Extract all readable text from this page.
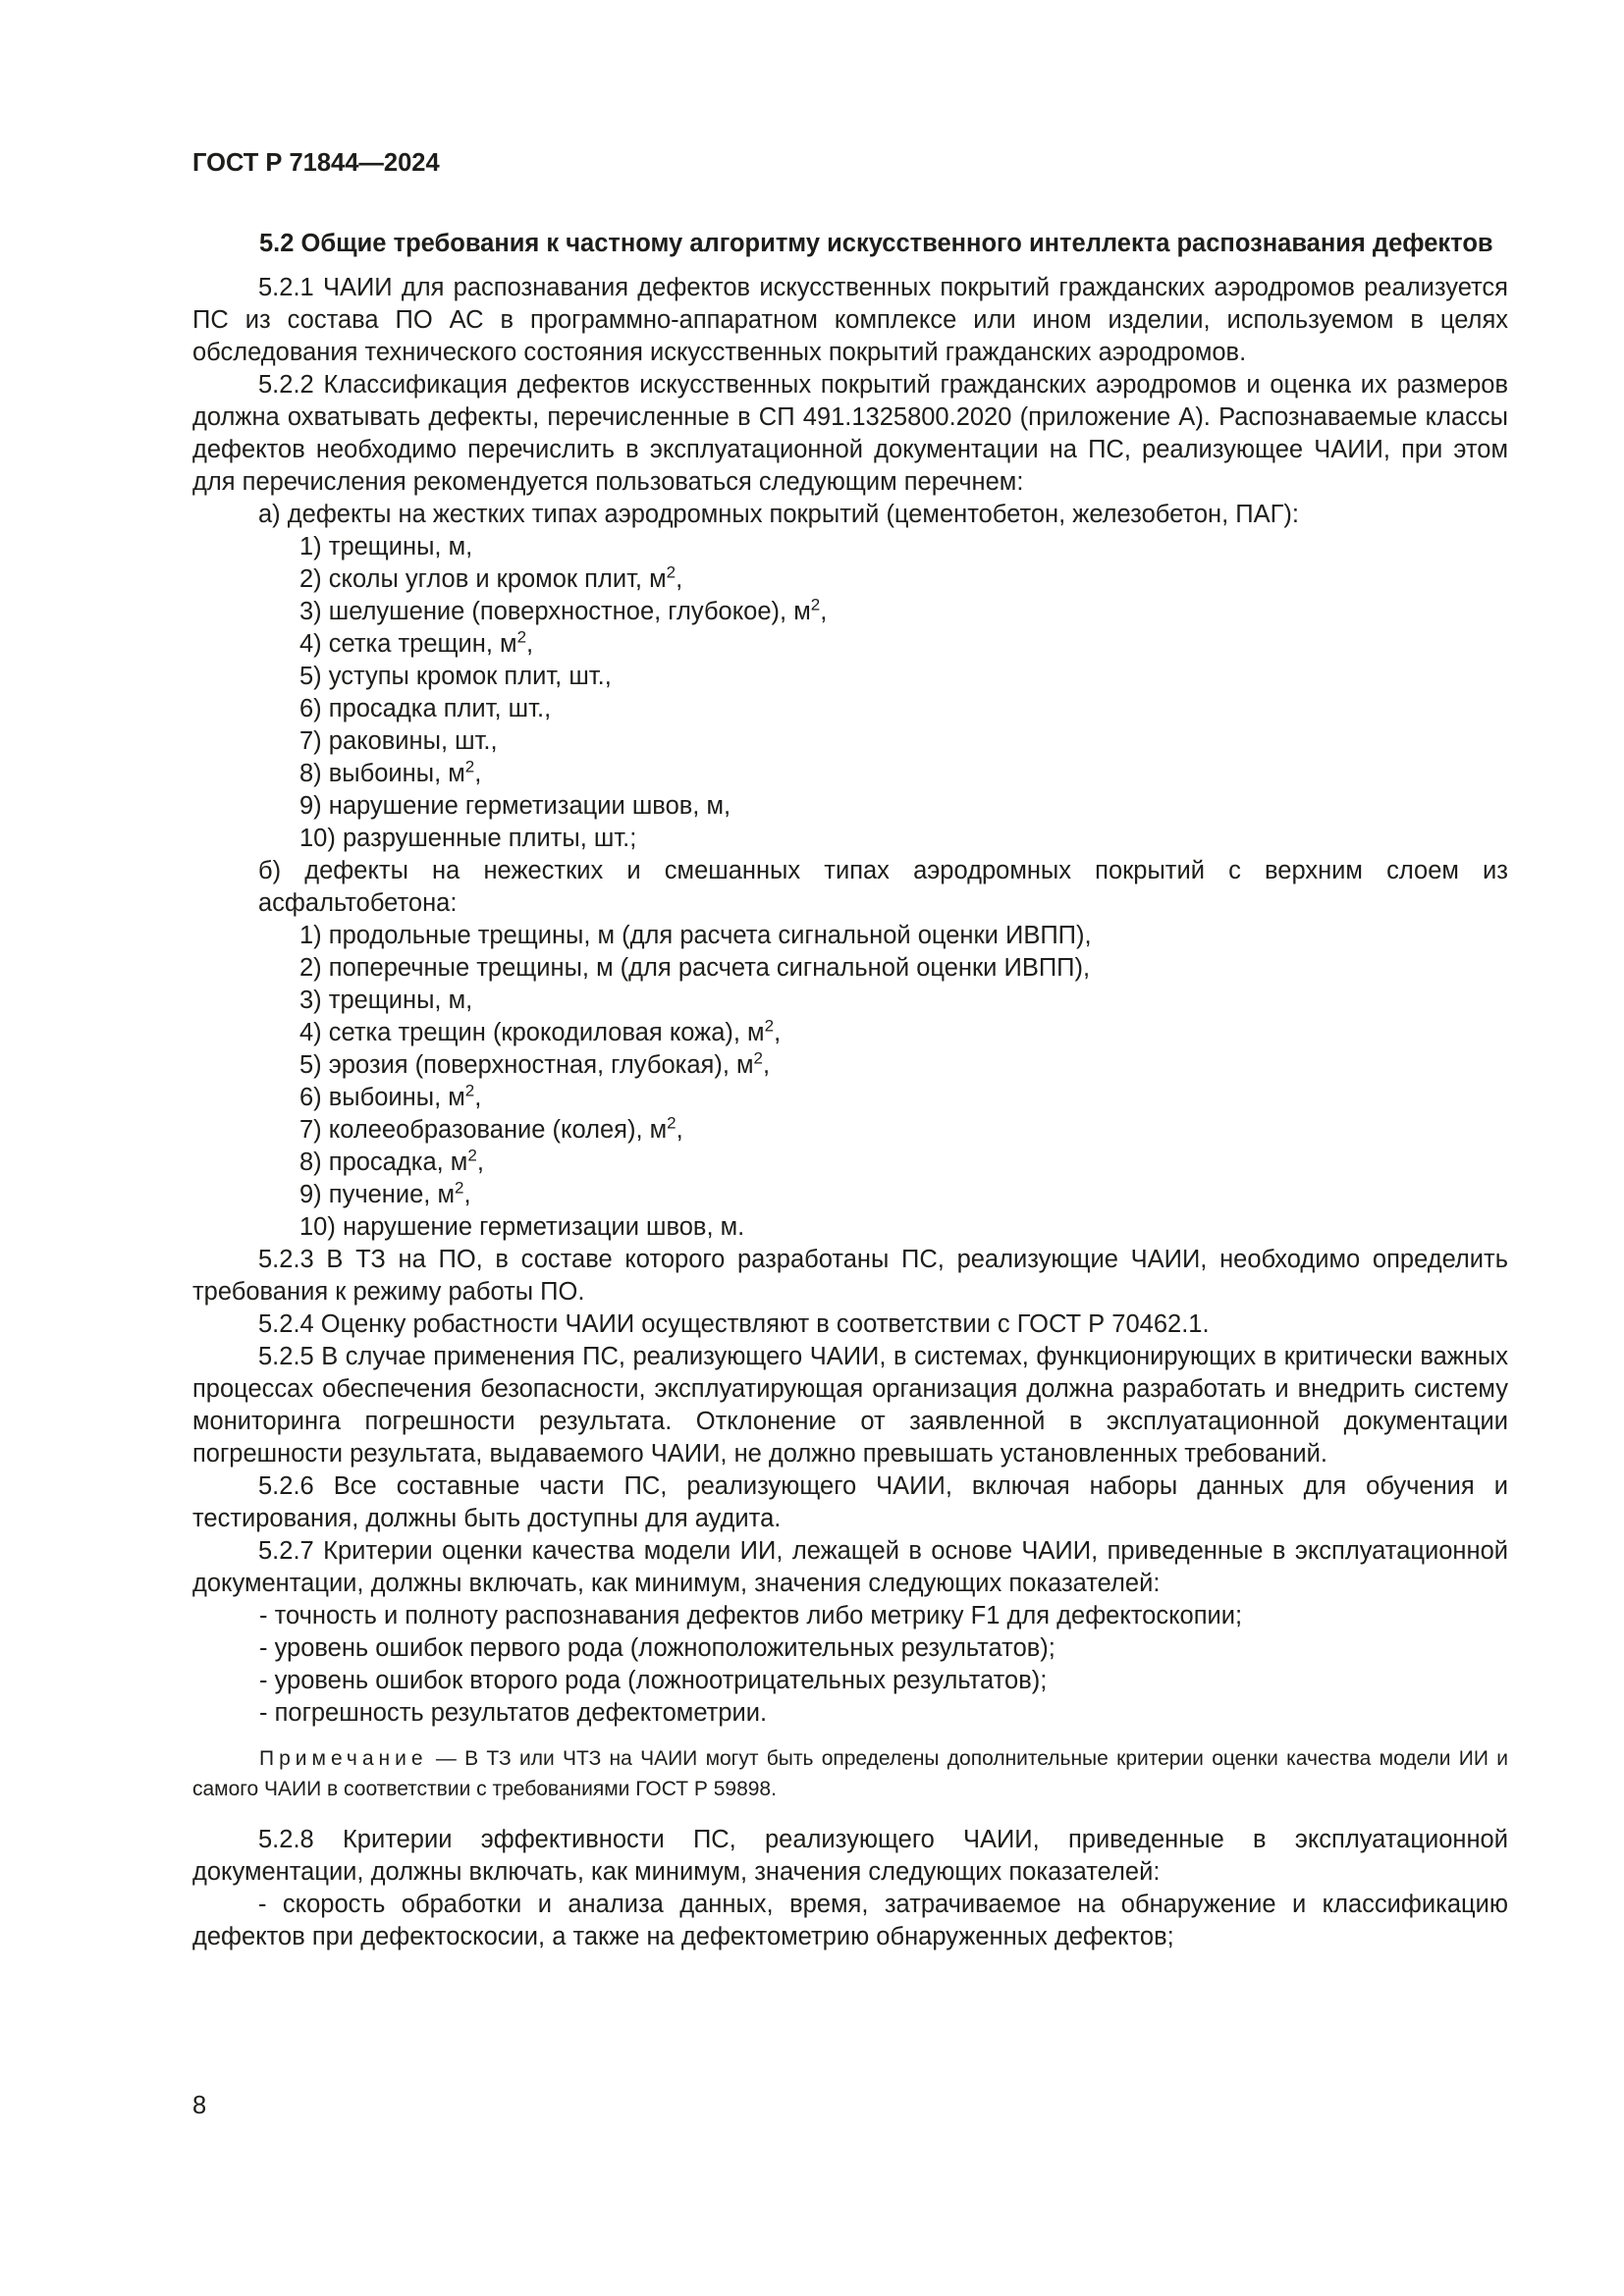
ГОСТ Р 71844—2024

5.2 Общие требования к частному алгоритму искусственного интеллекта распознавания дефектов

5.2.1 ЧАИИ для распознавания дефектов искусственных покрытий гражданских аэродромов реализуется ПС из состава ПО АС в программно-аппаратном комплексе или ином изделии, используемом в целях обследования технического состояния искусственных покрытий гражданских аэродромов.

5.2.2 Классификация дефектов искусственных покрытий гражданских аэродромов и оценка их размеров должна охватывать дефекты, перечисленные в СП 491.1325800.2020 (приложение А). Распознаваемые классы дефектов необходимо перечислить в эксплуатационной документации на ПС, реализующее ЧАИИ, при этом для перечисления рекомендуется пользоваться следующим перечнем:

а) дефекты на жестких типах аэродромных покрытий (цементобетон, железобетон, ПАГ):

1) трещины, м,

2) сколы углов и кромок плит, $м^2$,

3) шелушение (поверхностное, глубокое), $м^2$,

4) сетка трещин, $м^2$,

5) уступы кромок плит, шт.,

6) просадка плит, шт.,

7) раковины, шт.,

8) выбоины, $м^2$,

9) нарушение герметизации швов, м,

10) разрушенные плиты, шт.;

б) дефекты на нежестких и смешанных типах аэродромных покрытий с верхним слоем из асфальтобетона:

1) продольные трещины, м (для расчета сигнальной оценки ИВПП),

2) поперечные трещины, м (для расчета сигнальной оценки ИВПП),

3) трещины, м,

4) сетка трещин (крокодиловая кожа), $м^2$,

5) эрозия (поверхностная, глубокая), $м^2$,

6) выбоины, $м^2$,

7) колееобразование (колея), $м^2$,

8) просадка, $м^2$,

9) пучение, $м^2$,

10) нарушение герметизации швов, м.

5.2.3 В ТЗ на ПО, в составе которого разработаны ПС, реализующие ЧАИИ, необходимо определить требования к режиму работы ПО.

5.2.4 Оценку робастности ЧАИИ осуществляют в соответствии с ГОСТ Р 70462.1.

5.2.5 В случае применения ПС, реализующего ЧАИИ, в системах, функционирующих в критически важных процессах обеспечения безопасности, эксплуатирующая организация должна разработать и внедрить систему мониторинга погрешности результата. Отклонение от заявленной в эксплуатационной документации погрешности результата, выдаваемого ЧАИИ, не должно превышать установленных требований.

5.2.6 Все составные части ПС, реализующего ЧАИИ, включая наборы данных для обучения и тестирования, должны быть доступны для аудита.

5.2.7 Критерии оценки качества модели ИИ, лежащей в основе ЧАИИ, приведенные в эксплуатационной документации, должны включать, как минимум, значения следующих показателей:

- точность и полноту распознавания дефектов либо метрику F1 для дефектоскопии;

- уровень ошибок первого рода (ложноположительных результатов);

- уровень ошибок второго рода (ложноотрицательных результатов);

- погрешность результатов дефектометрии.

Примечание — В ТЗ или ЧТЗ на ЧАИИ могут быть определены дополнительные критерии оценки качества модели ИИ и самого ЧАИИ в соответствии с требованиями ГОСТ Р 59898.

5.2.8 Критерии эффективности ПС, реализующего ЧАИИ, приведенные в эксплуатационной документации, должны включать, как минимум, значения следующих показателей:

- скорость обработки и анализа данных, время, затрачиваемое на обнаружение и классификацию дефектов при дефектоскосии, а также на дефектометрию обнаруженных дефектов;

8
